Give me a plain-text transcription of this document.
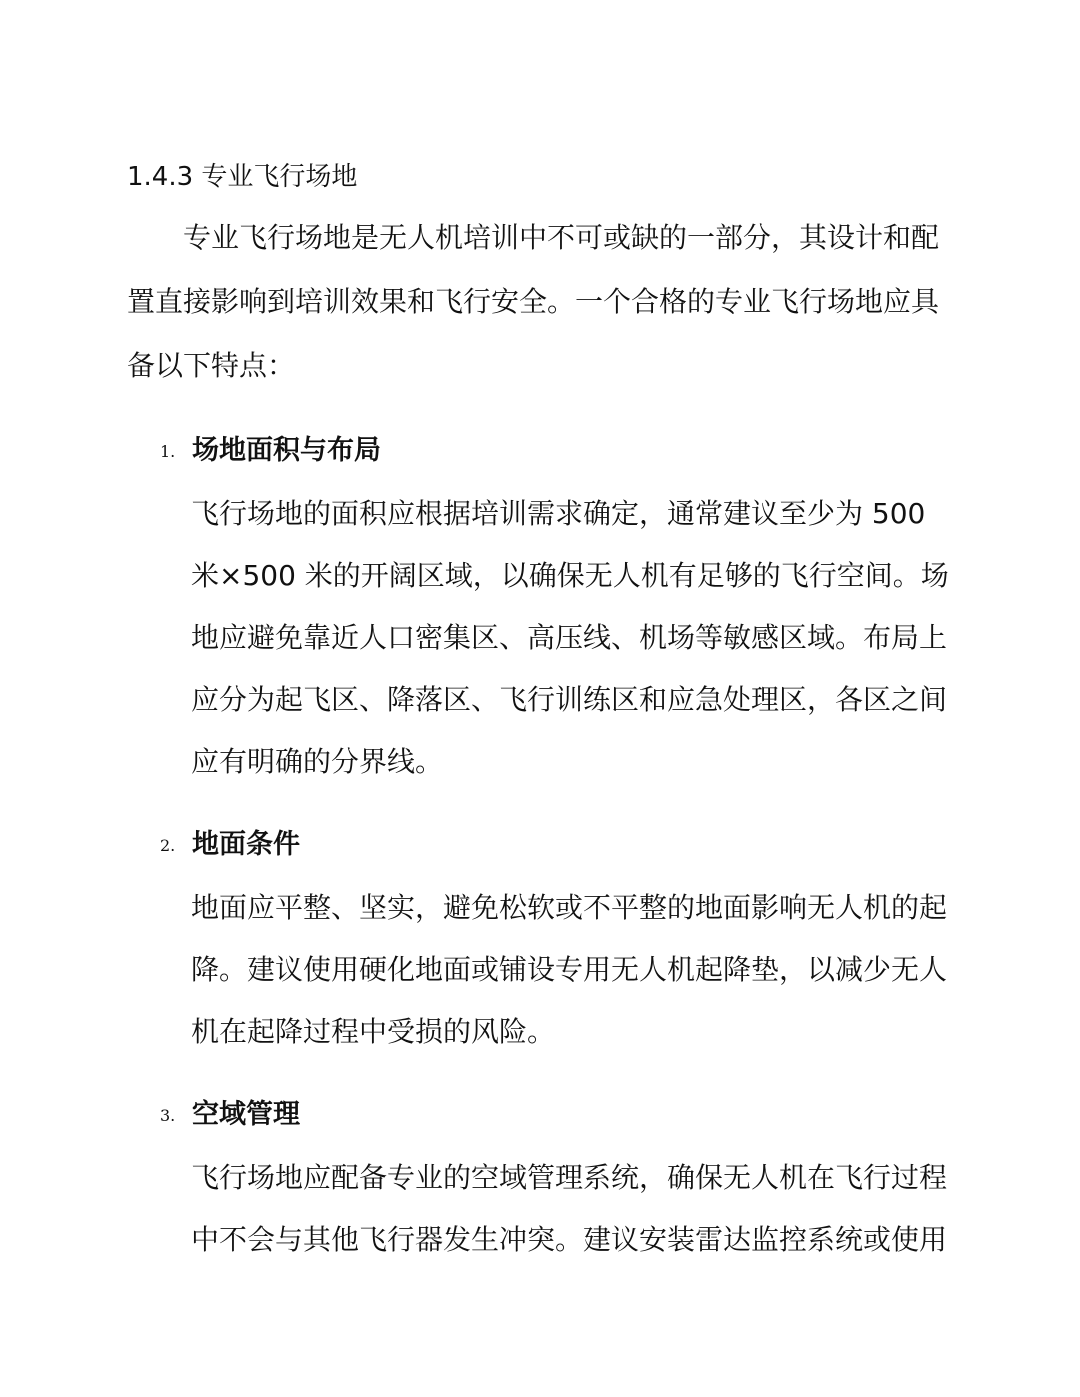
1.4.3 专业飞行场地
专业飞行场地是无人机培训中不可或缺的一部分，其设计和配置直接影响到培训效果和飞行安全。一个合格的专业飞行场地应具备以下特点：
1. 场地面积与布局
飞行场地的面积应根据培训需求确定，通常建议至少为 500 米×500 米的开阔区域，以确保无人机有足够的飞行空间。场地应避免靠近人口密集区、高压线、机场等敏感区域。布局上应分为起飞区、降落区、飞行训练区和应急处理区，各区之间应有明确的分界线。
2. 地面条件
地面应平整、坚实，避免松软或不平整的地面影响无人机的起降。建议使用硬化地面或铺设专用无人机起降垫，以减少无人机在起降过程中受损的风险。
3. 空域管理
飞行场地应配备专业的空域管理系统，确保无人机在飞行过程中不会与其他飞行器发生冲突。建议安装雷达监控系统或使用
